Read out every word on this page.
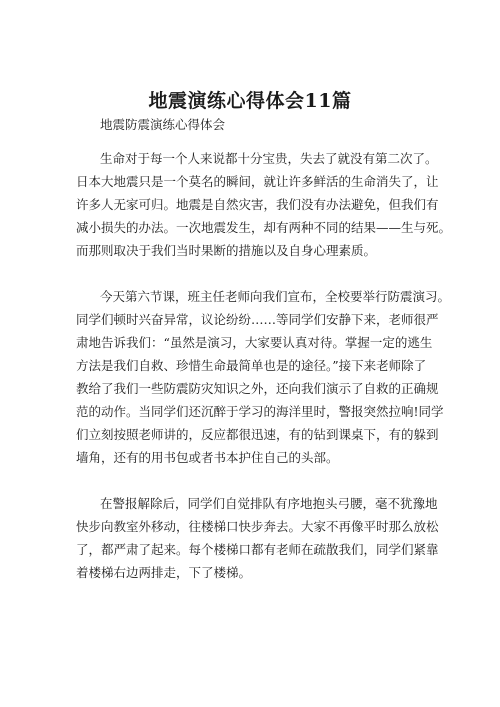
地震演练心得体会11篇
地震防震演练心得体会
生命对于每一个人来说都十分宝贵，失去了就没有第二次了。
日本大地震只是一个莫名的瞬间，就让许多鲜活的生命消失了，让
许多人无家可归。地震是自然灾害，我们没有办法避免，但我们有
减小损失的办法。一次地震发生，却有两种不同的结果——生与死。
而那则取决于我们当时果断的措施以及自身心理素质。
今天第六节课，班主任老师向我们宣布，全校要举行防震演习。
同学们顿时兴奋异常，议论纷纷……等同学们安静下来，老师很严
肃地告诉我们：“虽然是演习，大家要认真对待。掌握一定的逃生
方法是我们自救、珍惜生命最简单也是的途径。”接下来老师除了
教给了我们一些防震防灾知识之外，还向我们演示了自救的正确规
范的动作。当同学们还沉醉于学习的海洋里时，警报突然拉响!同学
们立刻按照老师讲的，反应都很迅速，有的钻到课桌下，有的躲到
墙角，还有的用书包或者书本护住自己的头部。
在警报解除后，同学们自觉排队有序地抱头弓腰，毫不犹豫地
快步向教室外移动，往楼梯口快步奔去。大家不再像平时那么放松
了，都严肃了起来。每个楼梯口都有老师在疏散我们，同学们紧靠
着楼梯右边两排走，下了楼梯。
